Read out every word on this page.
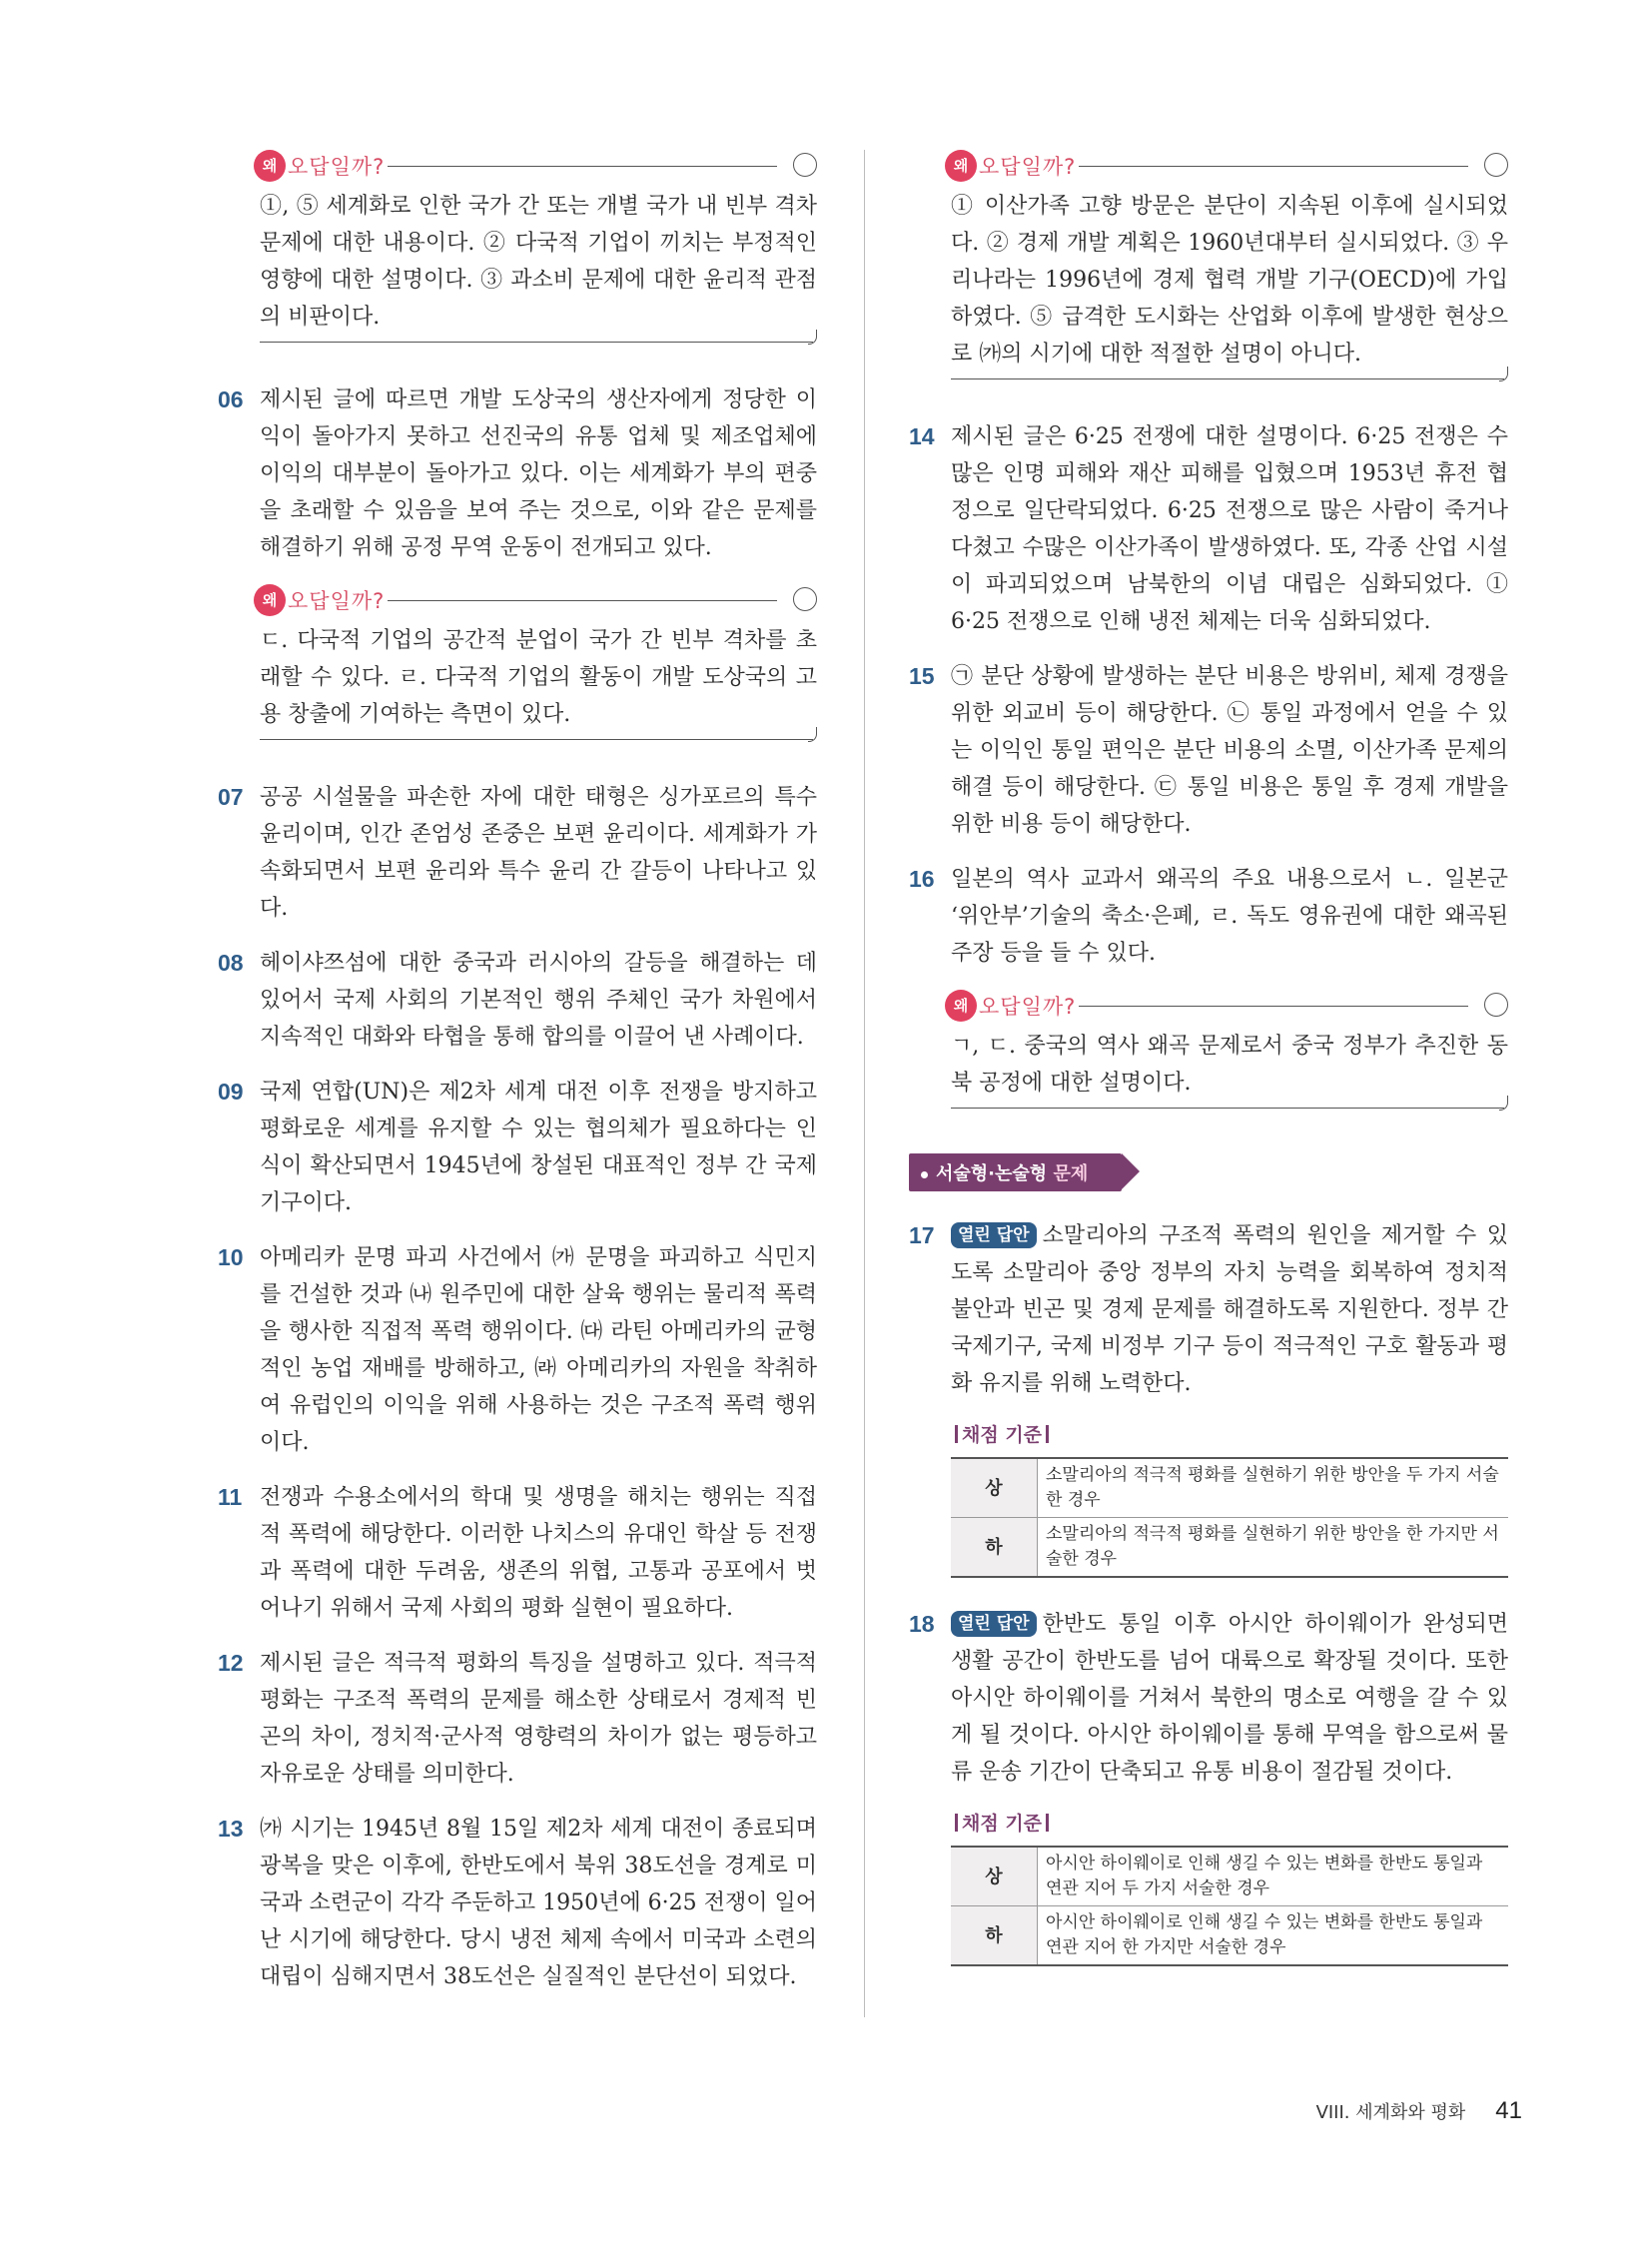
왜 오답일까?
①, ⑤ 세계화로 인한 국가 간 또는 개별 국가 내 빈부 격차 문제에 대한 내용이다. ② 다국적 기업이 끼치는 부정적인 영향에 대한 설명이다. ③ 과소비 문제에 대한 윤리적 관점의 비판이다.
06 제시된 글에 따르면 개발 도상국의 생산자에게 정당한 이익이 돌아가지 못하고 선진국의 유통 업체 및 제조업체에 이익의 대부분이 돌아가고 있다. 이는 세계화가 부의 편중을 초래할 수 있음을 보여 주는 것으로, 이와 같은 문제를 해결하기 위해 공정 무역 운동이 전개되고 있다.
왜 오답일까?
ㄷ. 다국적 기업의 공간적 분업이 국가 간 빈부 격차를 초래할 수 있다. ㄹ. 다국적 기업의 활동이 개발 도상국의 고용 창출에 기여하는 측면이 있다.
07 공공 시설물을 파손한 자에 대한 태형은 싱가포르의 특수 윤리이며, 인간 존엄성 존중은 보편 윤리이다. 세계화가 가속화되면서 보편 윤리와 특수 윤리 간 갈등이 나타나고 있다.
08 헤이샤쯔섬에 대한 중국과 러시아의 갈등을 해결하는 데 있어서 국제 사회의 기본적인 행위 주체인 국가 차원에서 지속적인 대화와 타협을 통해 합의를 이끌어 낸 사례이다.
09 국제 연합(UN)은 제2차 세계 대전 이후 전쟁을 방지하고 평화로운 세계를 유지할 수 있는 협의체가 필요하다는 인식이 확산되면서 1945년에 창설된 대표적인 정부 간 국제기구이다.
10 아메리카 문명 파괴 사건에서 ㈎ 문명을 파괴하고 식민지를 건설한 것과 ㈏ 원주민에 대한 살육 행위는 물리적 폭력을 행사한 직접적 폭력 행위이다. ㈐ 라틴 아메리카의 균형적인 농업 재배를 방해하고, ㈑ 아메리카의 자원을 착취하여 유럽인의 이익을 위해 사용하는 것은 구조적 폭력 행위이다.
11 전쟁과 수용소에서의 학대 및 생명을 해치는 행위는 직접적 폭력에 해당한다. 이러한 나치스의 유대인 학살 등 전쟁과 폭력에 대한 두려움, 생존의 위협, 고통과 공포에서 벗어나기 위해서 국제 사회의 평화 실현이 필요하다.
12 제시된 글은 적극적 평화의 특징을 설명하고 있다. 적극적 평화는 구조적 폭력의 문제를 해소한 상태로서 경제적 빈곤의 차이, 정치적·군사적 영향력의 차이가 없는 평등하고 자유로운 상태를 의미한다.
13 ㈎ 시기는 1945년 8월 15일 제2차 세계 대전이 종료되며 광복을 맞은 이후에, 한반도에서 북위 38도선을 경계로 미국과 소련군이 각각 주둔하고 1950년에 6·25 전쟁이 일어난 시기에 해당한다. 당시 냉전 체제 속에서 미국과 소련의 대립이 심해지면서 38도선은 실질적인 분단선이 되었다.
왜 오답일까?
① 이산가족 고향 방문은 분단이 지속된 이후에 실시되었다. ② 경제 개발 계획은 1960년대부터 실시되었다. ③ 우리나라는 1996년에 경제 협력 개발 기구(OECD)에 가입하였다. ⑤ 급격한 도시화는 산업화 이후에 발생한 현상으로 ㈎의 시기에 대한 적절한 설명이 아니다.
14 제시된 글은 6·25 전쟁에 대한 설명이다. 6·25 전쟁은 수많은 인명 피해와 재산 피해를 입혔으며 1953년 휴전 협정으로 일단락되었다. 6·25 전쟁으로 많은 사람이 죽거나 다쳤고 수많은 이산가족이 발생하였다. 또, 각종 산업 시설이 파괴되었으며 남북한의 이념 대립은 심화되었다. ① 6·25 전쟁으로 인해 냉전 체제는 더욱 심화되었다.
15 ㉠ 분단 상황에 발생하는 분단 비용은 방위비, 체제 경쟁을 위한 외교비 등이 해당한다. ㉡ 통일 과정에서 얻을 수 있는 이익인 통일 편익은 분단 비용의 소멸, 이산가족 문제의 해결 등이 해당한다. ㉢ 통일 비용은 통일 후 경제 개발을 위한 비용 등이 해당한다.
16 일본의 역사 교과서 왜곡의 주요 내용으로서 ㄴ. 일본군 ‘위안부’기술의 축소·은폐, ㄹ. 독도 영유권에 대한 왜곡된 주장 등을 들 수 있다.
왜 오답일까?
ㄱ, ㄷ. 중국의 역사 왜곡 문제로서 중국 정부가 추진한 동북 공정에 대한 설명이다.
서술형·논술형 문제
17	열린 답안 소말리아의 구조적 폭력의 원인을 제거할 수 있도록 소말리아 중앙 정부의 자치 능력을 회복하여 정치적 불안과 빈곤 및 경제 문제를 해결하도록 지원한다. 정부 간 국제기구, 국제 비정부 기구 등이 적극적인 구호 활동과 평화 유지를 위해 노력한다.
채점 기준
상	소말리아의 적극적 평화를 실현하기 위한 방안을 두 가지 서술한 경우
하	소말리아의 적극적 평화를 실현하기 위한 방안을 한 가지만 서술한 경우
18	열린 답안 한반도 통일 이후 아시안 하이웨이가 완성되면 생활 공간이 한반도를 넘어 대륙으로 확장될 것이다. 또한 아시안 하이웨이를 거쳐서 북한의 명소로 여행을 갈 수 있게 될 것이다. 아시안 하이웨이를 통해 무역을 함으로써 물류 운송 기간이 단축되고 유통 비용이 절감될 것이다.
채점 기준
상	아시안 하이웨이로 인해 생길 수 있는 변화를 한반도 통일과 연관 지어 두 가지 서술한 경우
하	아시안 하이웨이로 인해 생길 수 있는 변화를 한반도 통일과 연관 지어 한 가지만 서술한 경우
VIII. 세계화와 평화 41
